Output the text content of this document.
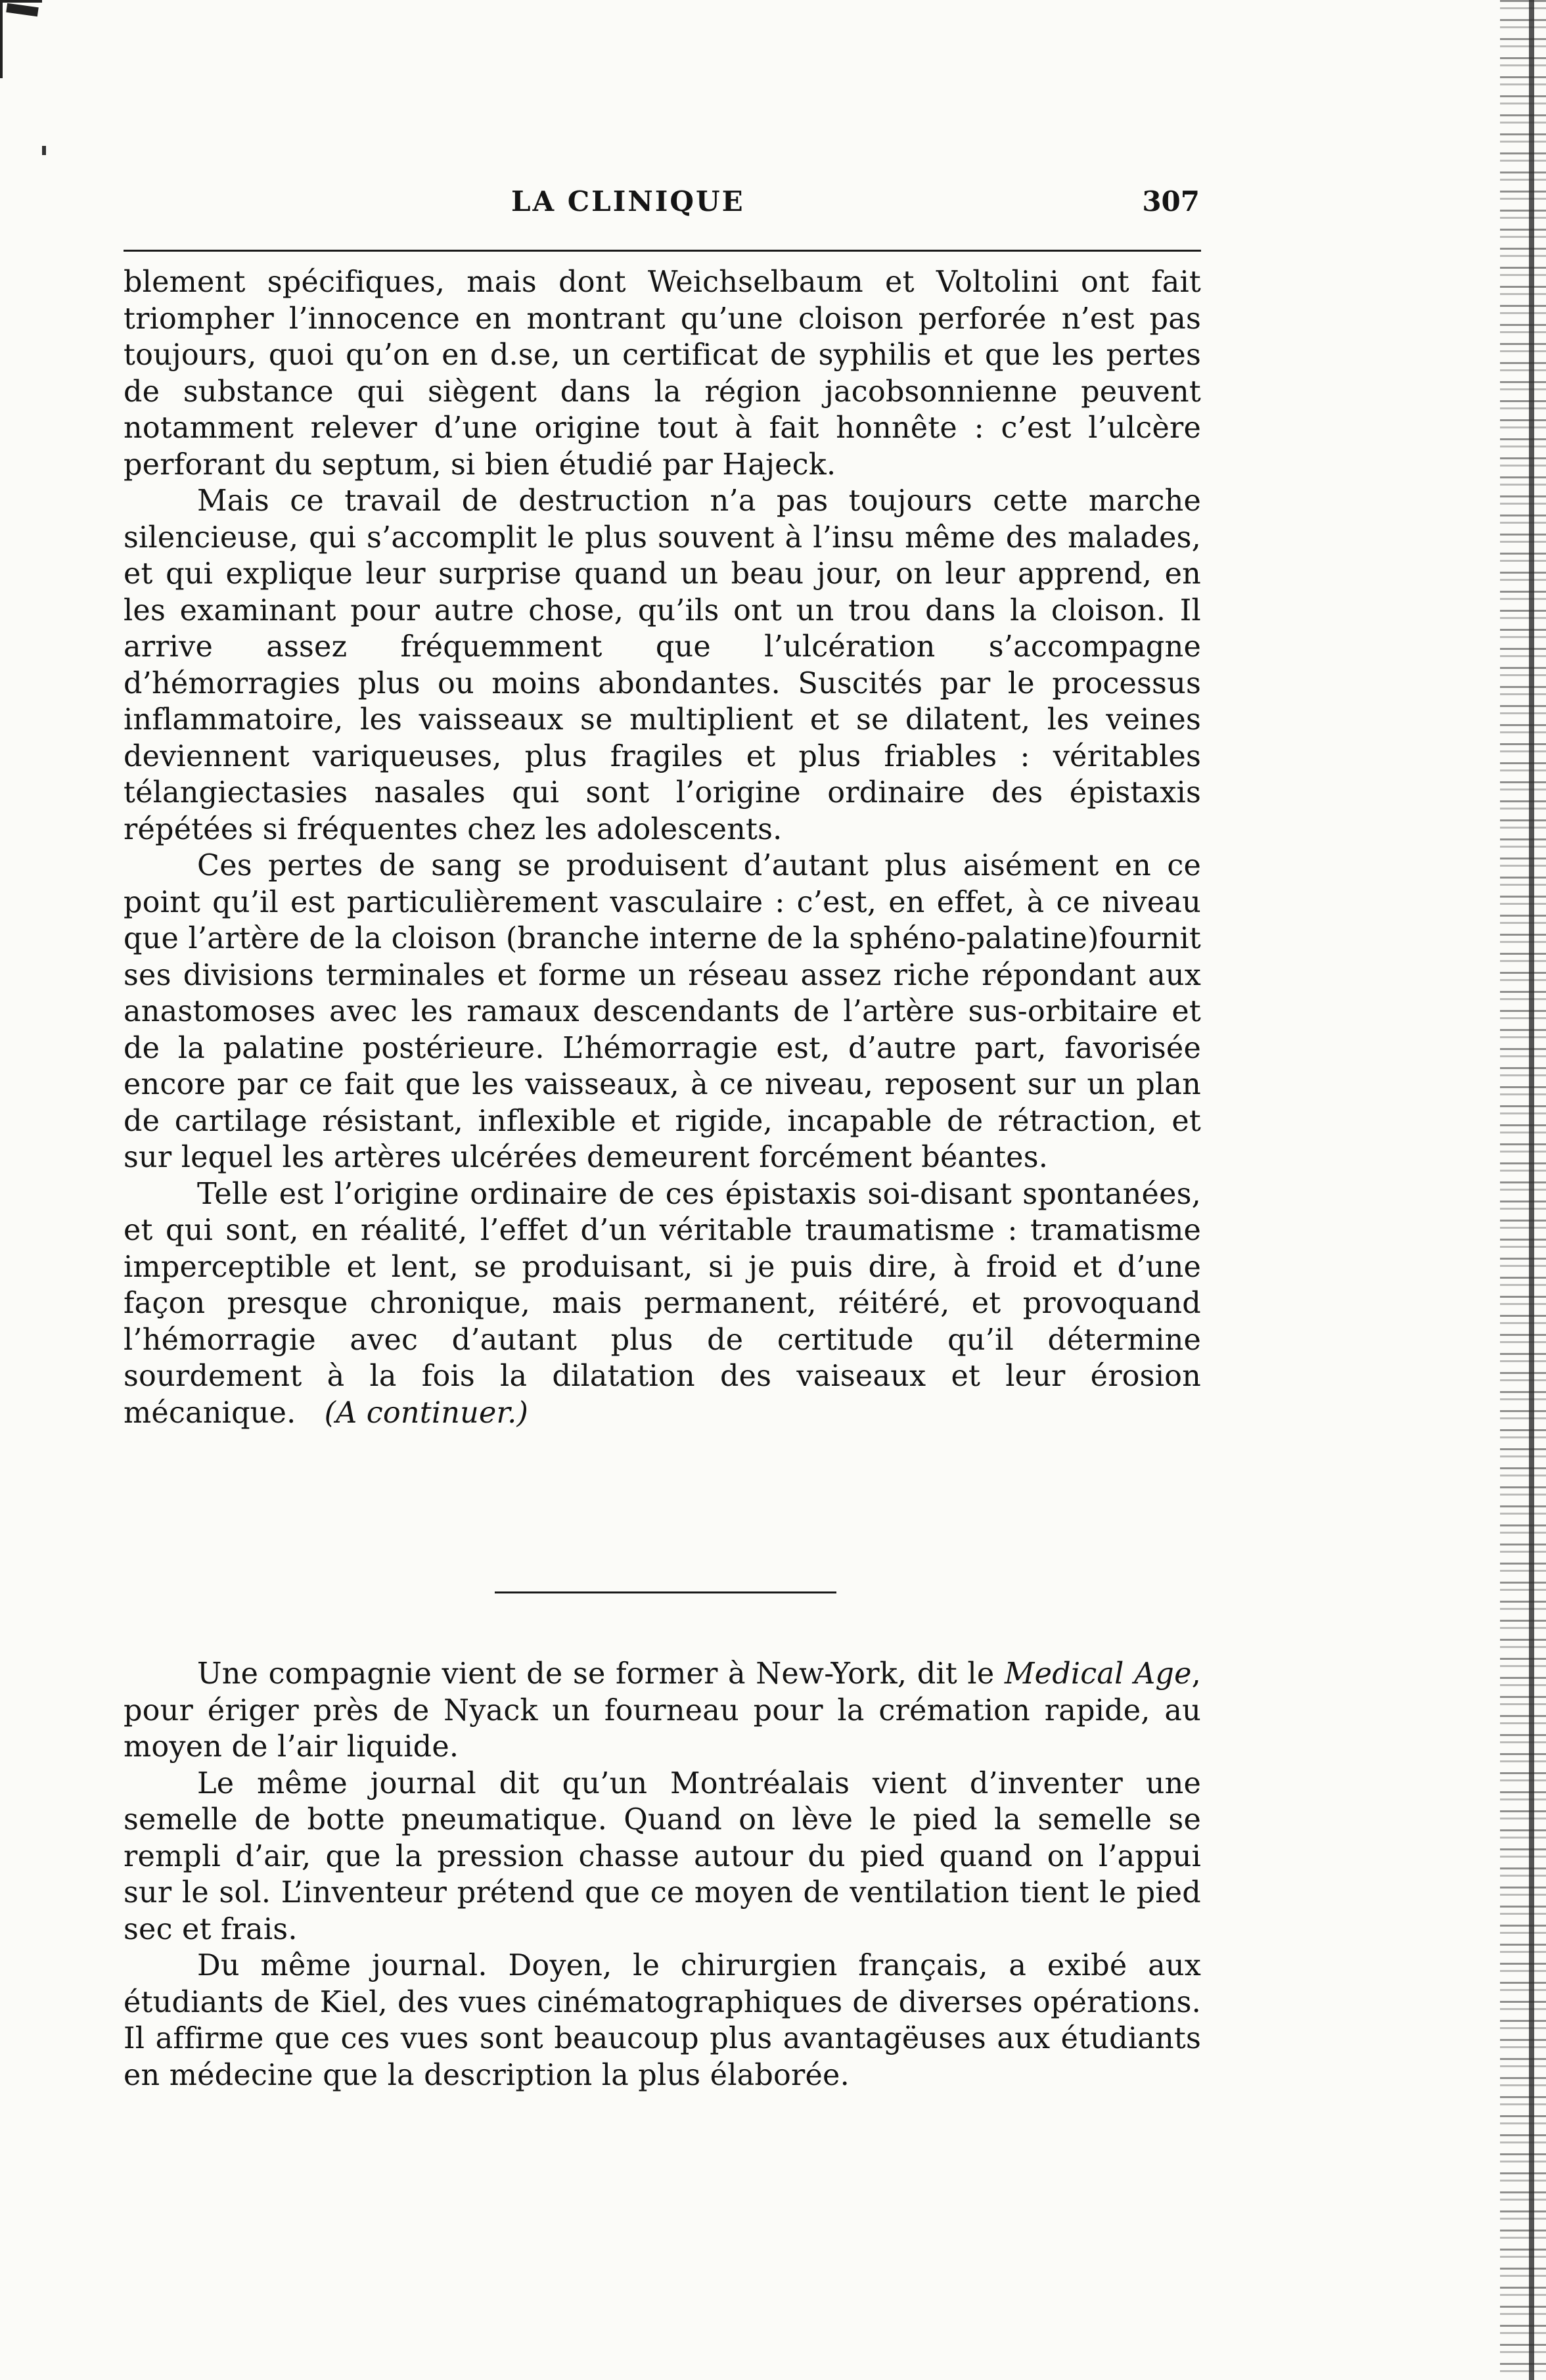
LA CLINIQUE	307

blement spécifiques, mais dont Weichselbaum et Voltolini ont fait triompher l’innocence en montrant qu’une cloison perforée n’est pas toujours, quoi qu’on en d.se, un certificat de syphilis et que les pertes de substance qui siègent dans la région jacobsonnienne peuvent notamment relever d’une origine tout à fait honnête : c’est l’ulcère perforant du septum, si bien étudié par Hajeck.

Mais ce travail de destruction n’a pas toujours cette marche silencieuse, qui s’accomplit le plus souvent à l’insu même des malades, et qui explique leur surprise quand un beau jour, on leur apprend, en les examinant pour autre chose, qu’ils ont un trou dans la cloison. Il arrive assez fréquemment que l’ulcération s’accompagne d’hémorragies plus ou moins abondantes. Suscités par le processus inflammatoire, les vaisseaux se multiplient et se dilatent, les veines deviennent variqueuses, plus fragiles et plus friables : véritables télangiectasies nasales qui sont l’origine ordinaire des épistaxis répétées si fréquentes chez les adolescents.

Ces pertes de sang se produisent d’autant plus aisément en ce point qu’il est particulièrement vasculaire : c’est, en effet, à ce niveau que l’artère de la cloison (branche interne de la sphéno-palatine)fournit ses divisions terminales et forme un réseau assez riche répondant aux anastomoses avec les ramaux descendants de l’artère sus-orbitaire et de la palatine postérieure. L’hémorragie est, d’autre part, favorisée encore par ce fait que les vaisseaux, à ce niveau, reposent sur un plan de cartilage résistant, inflexible et rigide, incapable de rétraction, et sur lequel les artères ulcérées demeurent forcément béantes.

Telle est l’origine ordinaire de ces épistaxis soi-disant spontanées, et qui sont, en réalité, l’effet d’un véritable traumatisme : tramatisme imperceptible et lent, se produisant, si je puis dire, à froid et d’une façon presque chronique, mais permanent, réitéré, et provoquand l’hémorragie avec d’autant plus de certitude qu’il détermine sourdement à la fois la dilatation des vaiseaux et leur érosion mécanique. (A continuer.)

Une compagnie vient de se former à New-York, dit le Medical Age, pour ériger près de Nyack un fourneau pour la crémation rapide, au moyen de l’air liquide.

Le même journal dit qu’un Montréalais vient d’inventer une semelle de botte pneumatique. Quand on lève le pied la semelle se rempli d’air, que la pression chasse autour du pied quand on l’appui sur le sol. L’inventeur prétend que ce moyen de ventilation tient le pied sec et frais.

Du même journal. Doyen, le chirurgien français, a exibé aux étudiants de Kiel, des vues cinématographiques de diverses opérations. Il affirme que ces vues sont beaucoup plus avantagëuses aux étudiants en médecine que la description la plus élaborée.
